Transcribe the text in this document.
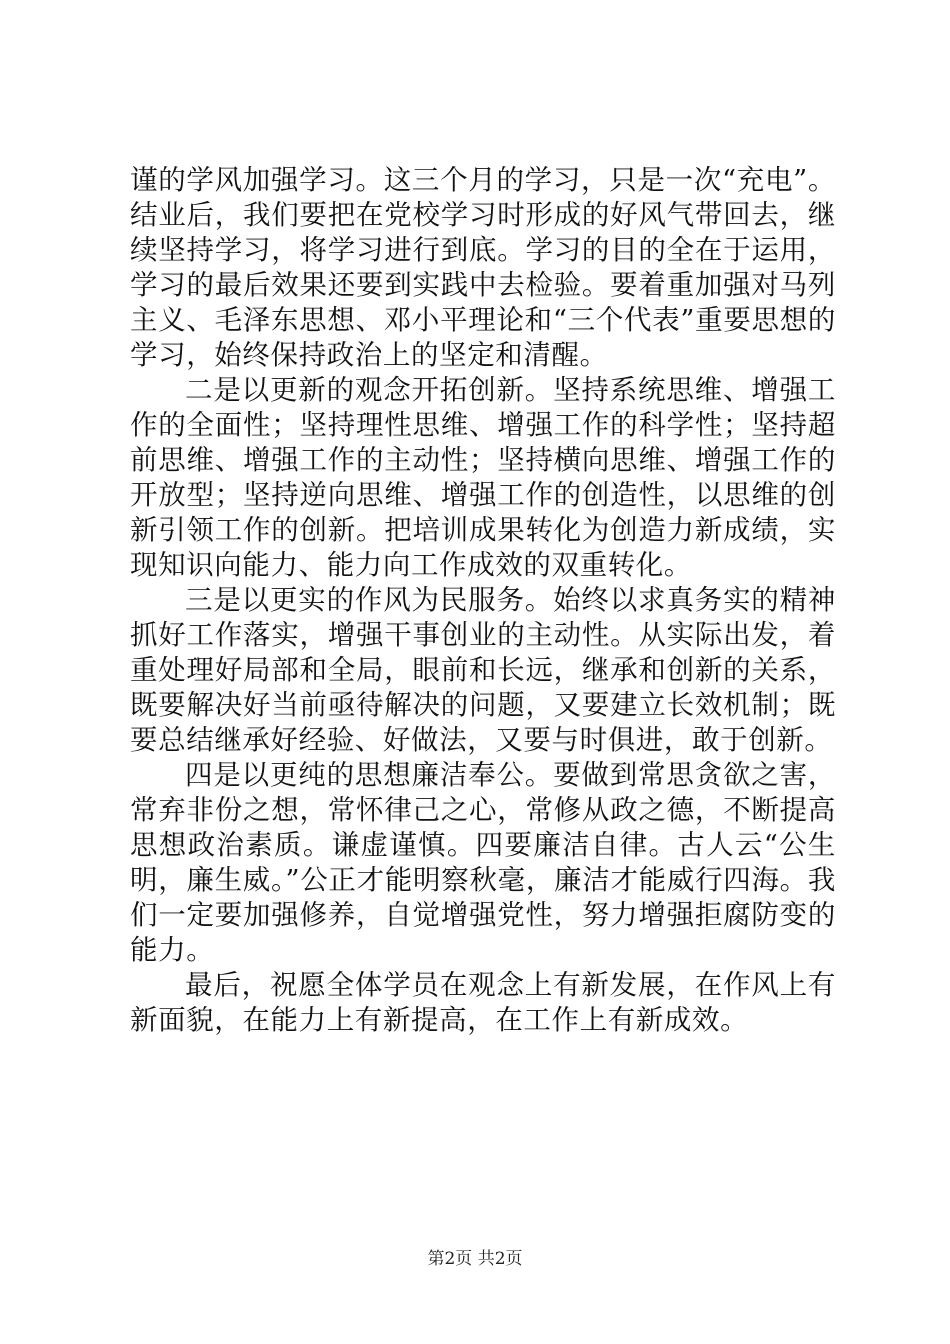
谨的学风加强学习。这三个月的学习，只是一次“充电”。结业后，我们要把在党校学习时形成的好风气带回去，继续坚持学习，将学习进行到底。学习的目的全在于运用，学习的最后效果还要到实践中去检验。要着重加强对马列主义、毛泽东思想、邓小平理论和“三个代表”重要思想的学习，始终保持政治上的坚定和清醒。

二是以更新的观念开拓创新。坚持系统思维、增强工作的全面性；坚持理性思维、增强工作的科学性；坚持超前思维、增强工作的主动性；坚持横向思维、增强工作的开放型；坚持逆向思维、增强工作的创造性，以思维的创新引领工作的创新。把培训成果转化为创造力新成绩，实现知识向能力、能力向工作成效的双重转化。

三是以更实的作风为民服务。始终以求真务实的精神抓好工作落实，增强干事创业的主动性。从实际出发，着重处理好局部和全局，眼前和长远，继承和创新的关系，既要解决好当前亟待解决的问题，又要建立长效机制；既要总结继承好经验、好做法，又要与时俱进，敢于创新。

四是以更纯的思想廉洁奉公。要做到常思贪欲之害，常弃非份之想，常怀律己之心，常修从政之德，不断提高思想政治素质。谦虚谨慎。四要廉洁自律。古人云“公生明，廉生威。”公正才能明察秋毫，廉洁才能威行四海。我们一定要加强修养，自觉增强党性，努力增强拒腐防变的能力。

最后，祝愿全体学员在观念上有新发展，在作风上有新面貌，在能力上有新提高，在工作上有新成效。

第2页 共2页
